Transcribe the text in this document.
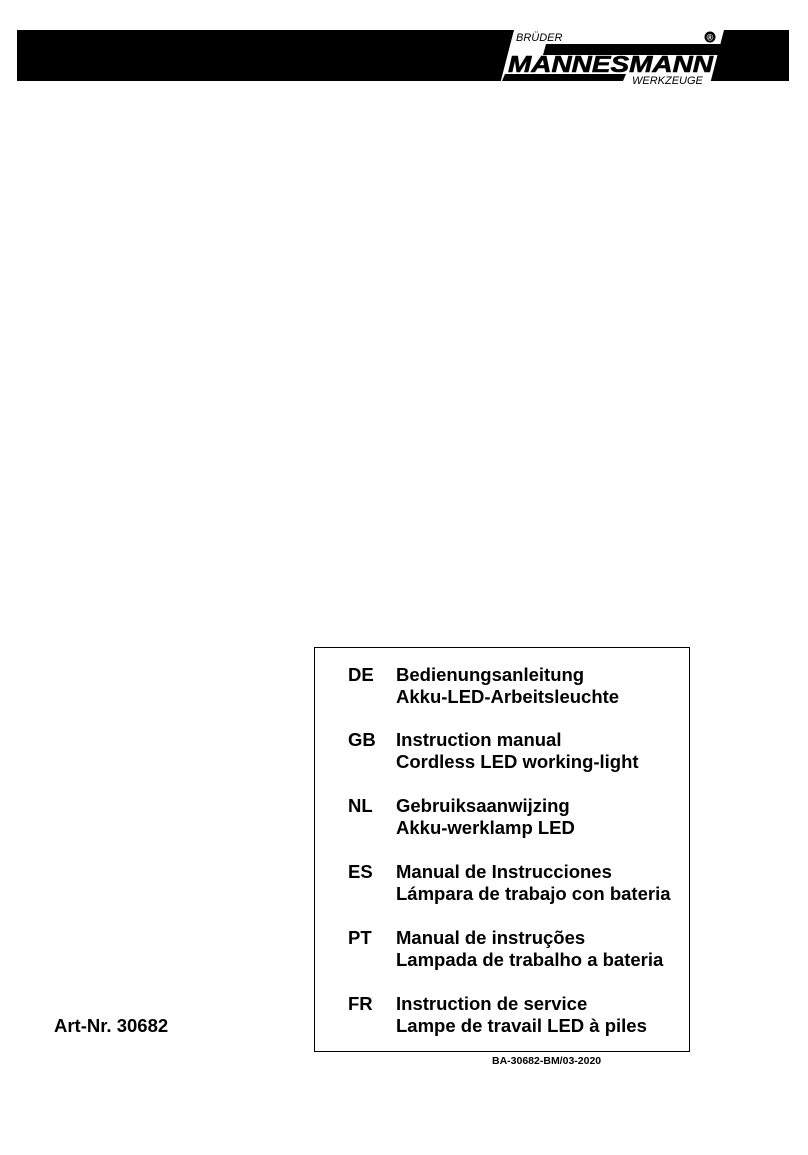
BRÜDER
MANNESMANN
WERKZEUGE
®
DE Bedienungsanleitung
Akku-LED-Arbeitsleuchte
GB Instruction manual
Cordless LED working-light
NL Gebruiksaanwijzing
Akku-werklamp LED
ES Manual de Instrucciones
Lámpara de trabajo con bateria
PT Manual de instruções
Lampada de trabalho a bateria
FR Instruction de service
Lampe de travail LED à piles
Art-Nr. 30682
BA-30682-BM/03-2020
